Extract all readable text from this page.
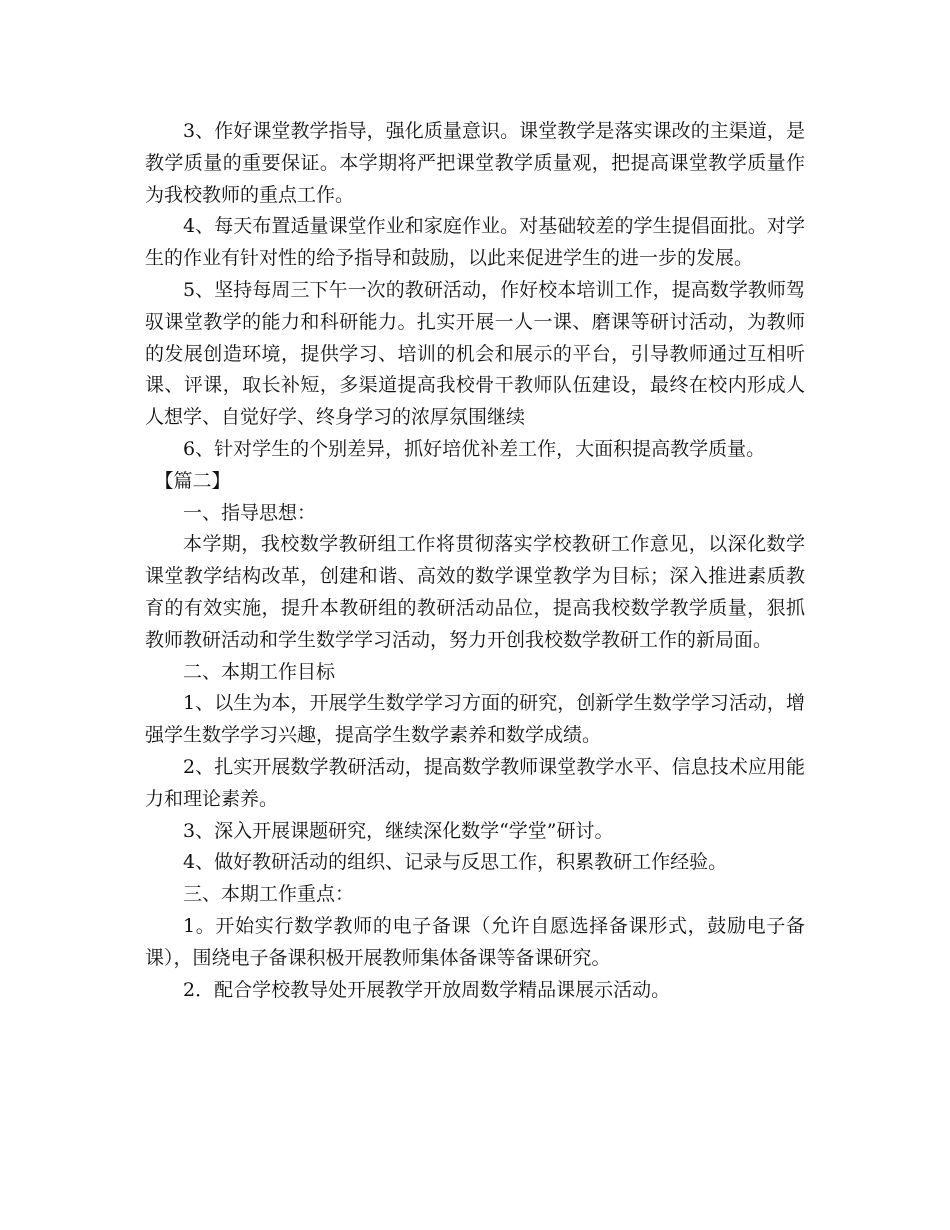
3、作好课堂教学指导，强化质量意识。课堂教学是落实课改的主渠道，是教学质量的重要保证。本学期将严把课堂教学质量观，把提高课堂教学质量作为我校教师的重点工作。

4、每天布置适量课堂作业和家庭作业。对基础较差的学生提倡面批。对学生的作业有针对性的给予指导和鼓励，以此来促进学生的进一步的发展。

5、坚持每周三下午一次的教研活动，作好校本培训工作，提高数学教师驾驭课堂教学的能力和科研能力。扎实开展一人一课、磨课等研讨活动，为教师的发展创造环境，提供学习、培训的机会和展示的平台，引导教师通过互相听课、评课，取长补短，多渠道提高我校骨干教师队伍建设，最终在校内形成人人想学、自觉好学、终身学习的浓厚氛围继续

6、针对学生的个别差异，抓好培优补差工作，大面积提高教学质量。

【篇二】

一、指导思想：

本学期，我校数学教研组工作将贯彻落实学校教研工作意见，以深化数学课堂教学结构改革，创建和谐、高效的数学课堂教学为目标；深入推进素质教育的有效实施，提升本教研组的教研活动品位，提高我校数学教学质量，狠抓教师教研活动和学生数学学习活动，努力开创我校数学教研工作的新局面。

二、本期工作目标

1、以生为本，开展学生数学学习方面的研究，创新学生数学学习活动，增强学生数学学习兴趣，提高学生数学素养和数学成绩。

2、扎实开展数学教研活动，提高数学教师课堂教学水平、信息技术应用能力和理论素养。

3、深入开展课题研究，继续深化数学“学堂”研讨。

4、做好教研活动的组织、记录与反思工作，积累教研工作经验。

三、本期工作重点：

1。开始实行数学教师的电子备课（允许自愿选择备课形式，鼓励电子备课），围绕电子备课积极开展教师集体备课等备课研究。

2．配合学校教导处开展教学开放周数学精品课展示活动。
